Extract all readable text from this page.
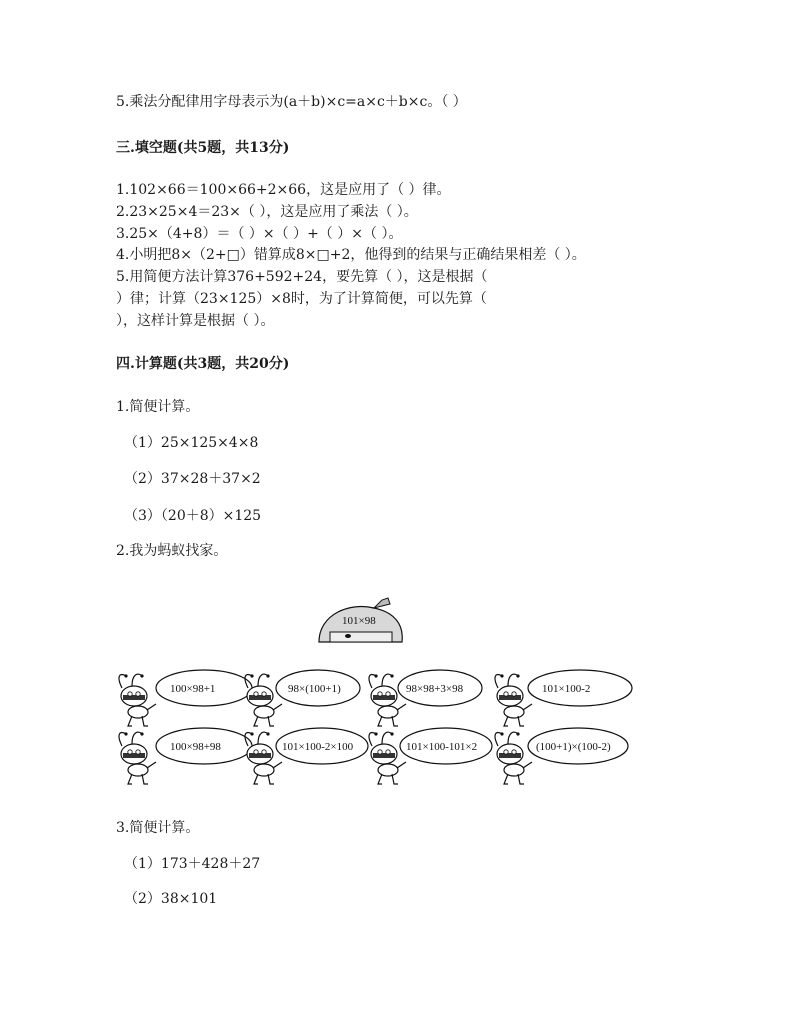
5.乘法分配律用字母表示为(a＋b)×c=a×c＋b×c。（ ）
三.填空题(共5题，共13分)
1.102×66＝100×66+2×66，这是应用了（ ）律。
2.23×25×4＝23×（ ），这是应用了乘法（ ）。
3.25×（4+8）＝（ ）×（ ）+（ ）×（ ）。
4.小明把8×（2+□）错算成8×□+2，他得到的结果与正确结果相差（ ）。
5.用简便方法计算376+592+24，要先算（ ），这是根据（
）律；计算（23×125）×8时，为了计算简便，可以先算（
），这样计算是根据（ ）。
四.计算题(共3题，共20分)
1.简便计算。
（1）25×125×4×8
（2）37×28＋37×2
（3）（20＋8）×125
2.我为蚂蚁找家。
101×98
100×98+1	98×(100+1)	98×98+3×98	101×100-2
100×98+98	101×100-2×100	101×100-101×2	(100+1)×(100-2)
3.简便计算。
（1）173＋428＋27
（2）38×101
